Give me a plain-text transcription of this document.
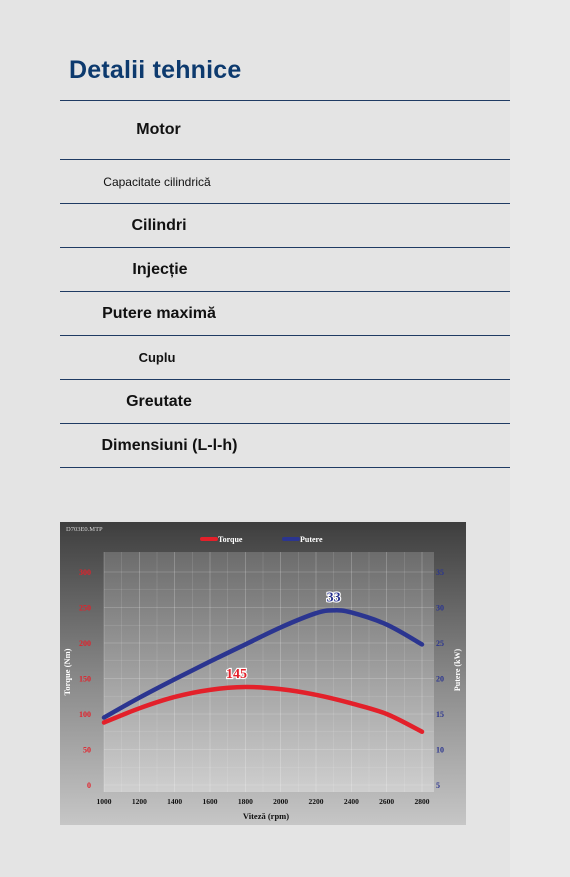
Detalii tehnice
Motor
Capacitate cilindrică
Cilindri
Injecție
Putere maximă
Cuplu
Greutate
Dimensiuni (L-l-h)
1000	1200	1400	1600	1800	2000	2200	2400	2600	2800
0
50
100
150
200
250
300
5
10
15
20
25
30
35
145
33
D703E0.MTP
Torque	Putere
Torque (Nm)	Putere (kW)
Viteză (rpm)
